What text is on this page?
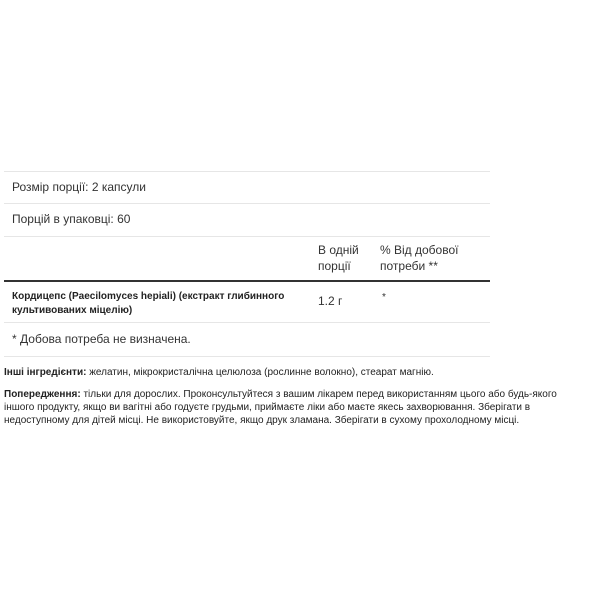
Розмір порції: 2 капсули
Порцій в упаковці: 60
В одній
порції
% Від добової
потреби **
Кордицепс (Paecilomyces hepiali) (екстракт глибинного
культивованих міцелію)
1.2 г	*
* Добова потреба не визначена.
Інші інгредієнти: желатин, мікрокристалічна целюлоза (рослинне волокно), стеарат магнію.
Попередження: тільки для дорослих. Проконсультуйтеся з вашим лікарем перед використанням цього або будь-якого
іншого продукту, якщо ви вагітні або годуєте грудьми, приймаєте ліки або маєте якесь захворювання. Зберігати в
недоступному для дітей місці. Не використовуйте, якщо друк зламана. Зберігати в сухому прохолодному місці.
